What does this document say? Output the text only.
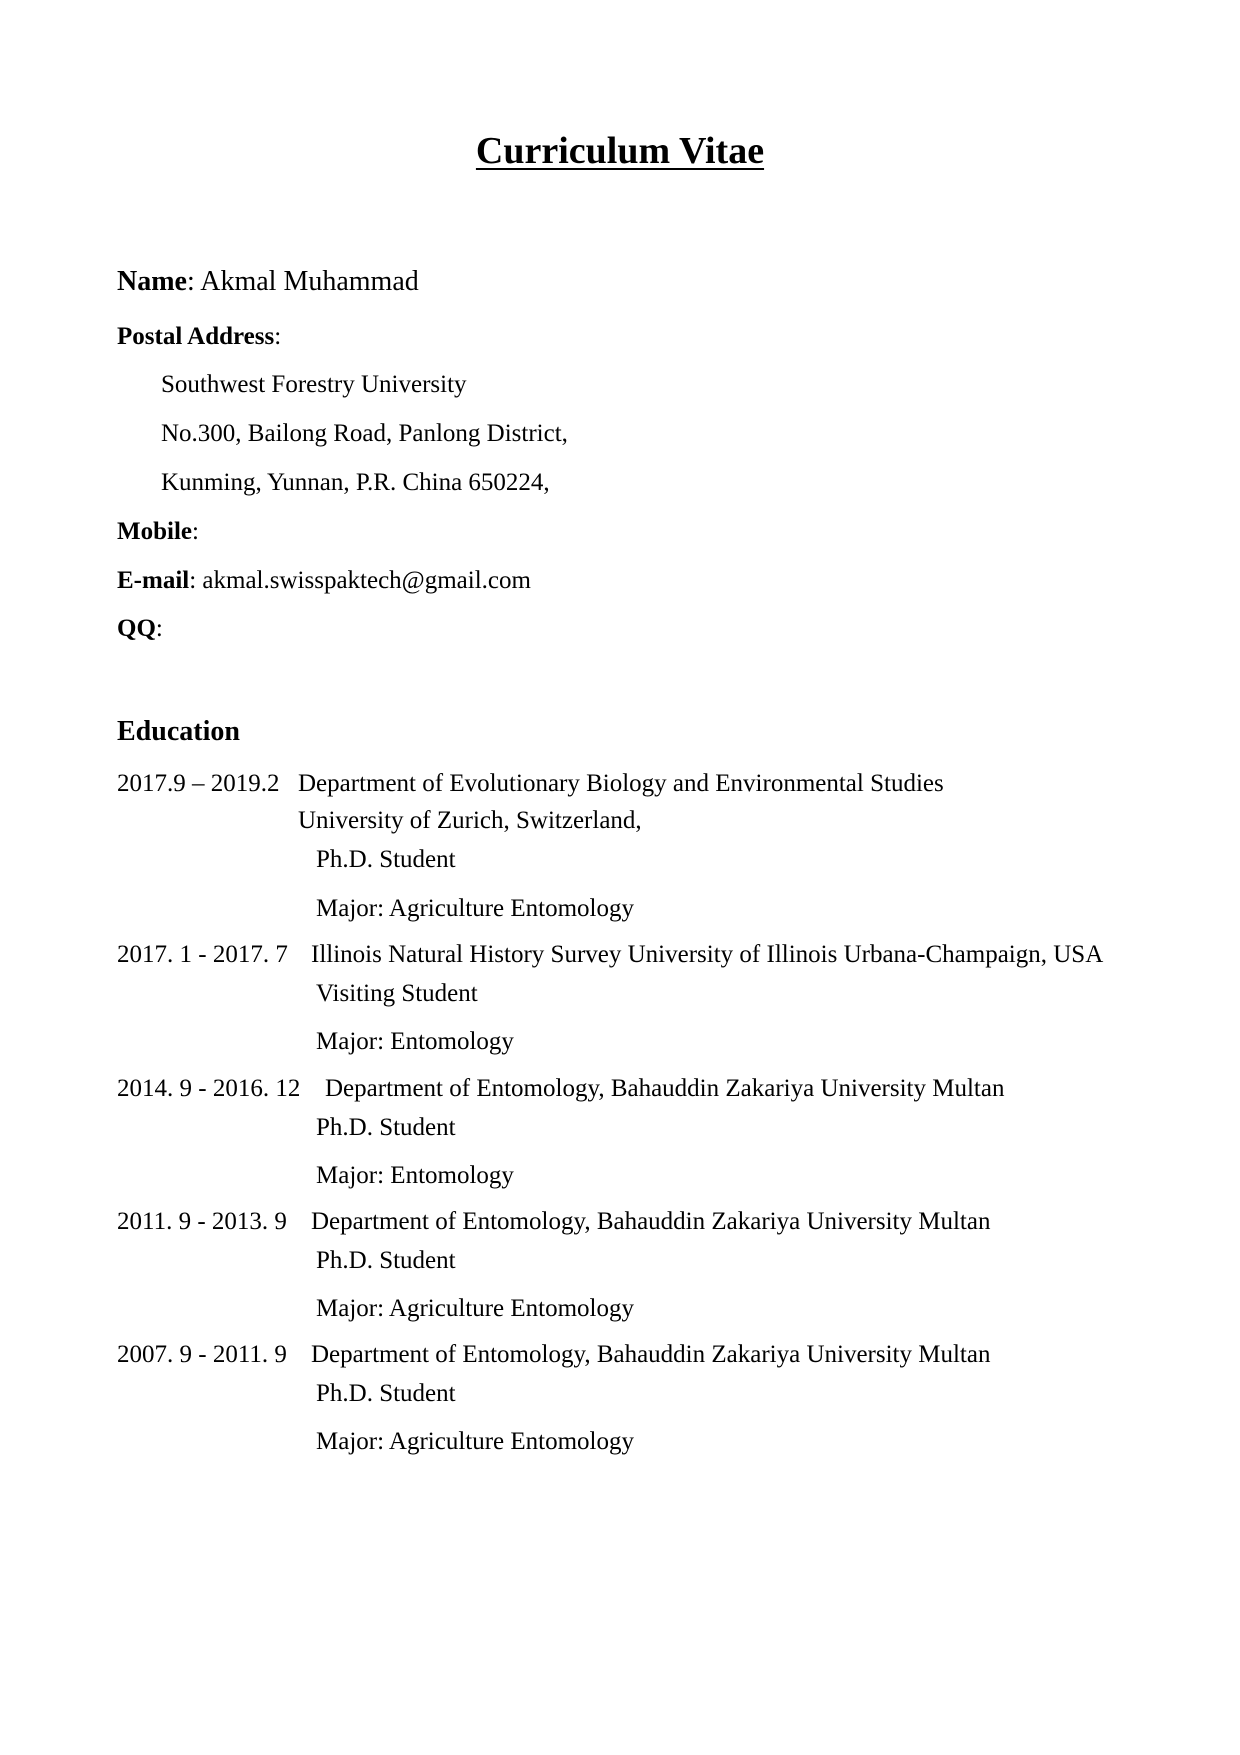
Curriculum Vitae
Name: Akmal Muhammad
Postal Address:
Southwest Forestry University
No.300, Bailong Road, Panlong District,
Kunming, Yunnan, P.R. China 650224,
Mobile:
E-mail: akmal.swisspaktech@gmail.com
QQ:
Education
2017.9 – 2019.2 Department of Evolutionary Biology and Environmental Studies
University of Zurich, Switzerland,
Ph.D. Student
Major: Agriculture Entomology
2017. 1 - 2017. 7 Illinois Natural History Survey University of Illinois Urbana-Champaign, USA
Visiting Student
Major: Entomology
2014. 9 - 2016. 12 Department of Entomology, Bahauddin Zakariya University Multan
Ph.D. Student
Major: Entomology
2011. 9 - 2013. 9 Department of Entomology, Bahauddin Zakariya University Multan
Ph.D. Student
Major: Agriculture Entomology
2007. 9 - 2011. 9 Department of Entomology, Bahauddin Zakariya University Multan
Ph.D. Student
Major: Agriculture Entomology
